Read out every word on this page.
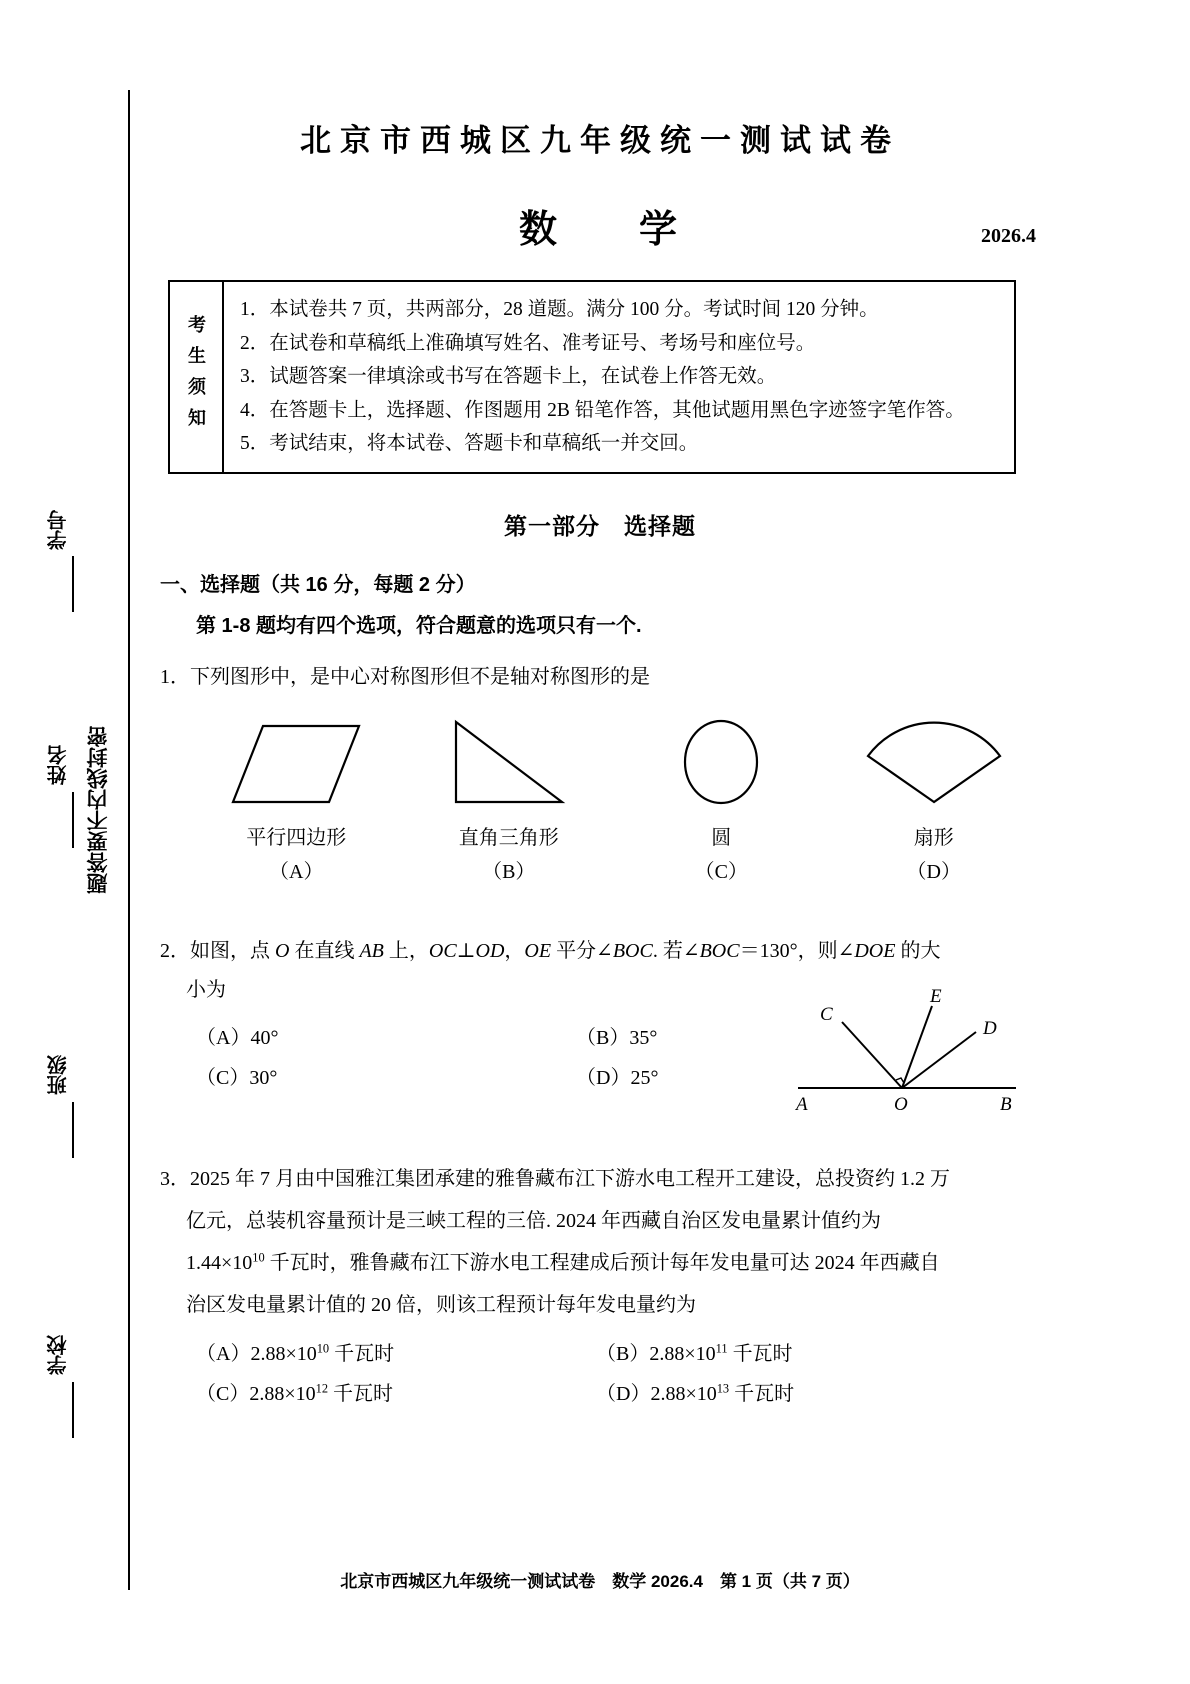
题答要不内线封密
学号
姓名
班级
学校
北京市西城区九年级统一测试试卷
数　学	2026.4
考生须知
1．本试卷共 7 页，共两部分，28 道题。满分 100 分。考试时间 120 分钟。
2．在试卷和草稿纸上准确填写姓名、准考证号、考场号和座位号。
3．试题答案一律填涂或书写在答题卡上，在试卷上作答无效。
4．在答题卡上，选择题、作图题用 2B 铅笔作答，其他试题用黑色字迹签字笔作答。
5．考试结束，将本试卷、答题卡和草稿纸一并交回。
第一部分　选择题
一、选择题（共 16 分，每题 2 分）
第 1-8 题均有四个选项，符合题意的选项只有一个.
1．下列图形中，是中心对称图形但不是轴对称图形的是
平行四边形	直角三角形	圆	扇形
（A）	（B）	（C）	（D）
2．如图，点 O 在直线 AB 上，OC⊥OD，OE 平分∠BOC. 若∠BOC＝130°，则∠DOE 的大
小为
（A）40°	（B）35°
（C）30°	（D）25°
C
E
D
A	O	B
3．2025 年 7 月由中国雅江集团承建的雅鲁藏布江下游水电工程开工建设，总投资约 1.2 万
亿元，总装机容量预计是三峡工程的三倍. 2024 年西藏自治区发电量累计值约为
$1.44\times 10^{10}$ 千瓦时，雅鲁藏布江下游水电工程建成后预计每年发电量可达 2024 年西藏自
治区发电量累计值的 20 倍，则该工程预计每年发电量约为
$(A)2.88\times 10^{10}$ 千瓦时	$(B)2.88\times 10^{11}$ 千瓦时
$(C)2.88\times 10^{12}$ 千瓦时	$(D)2.88\times 10^{13}$ 千瓦时
北京市西城区九年级统一测试试卷　数学 2026.4　第 1 页（共 7 页）
